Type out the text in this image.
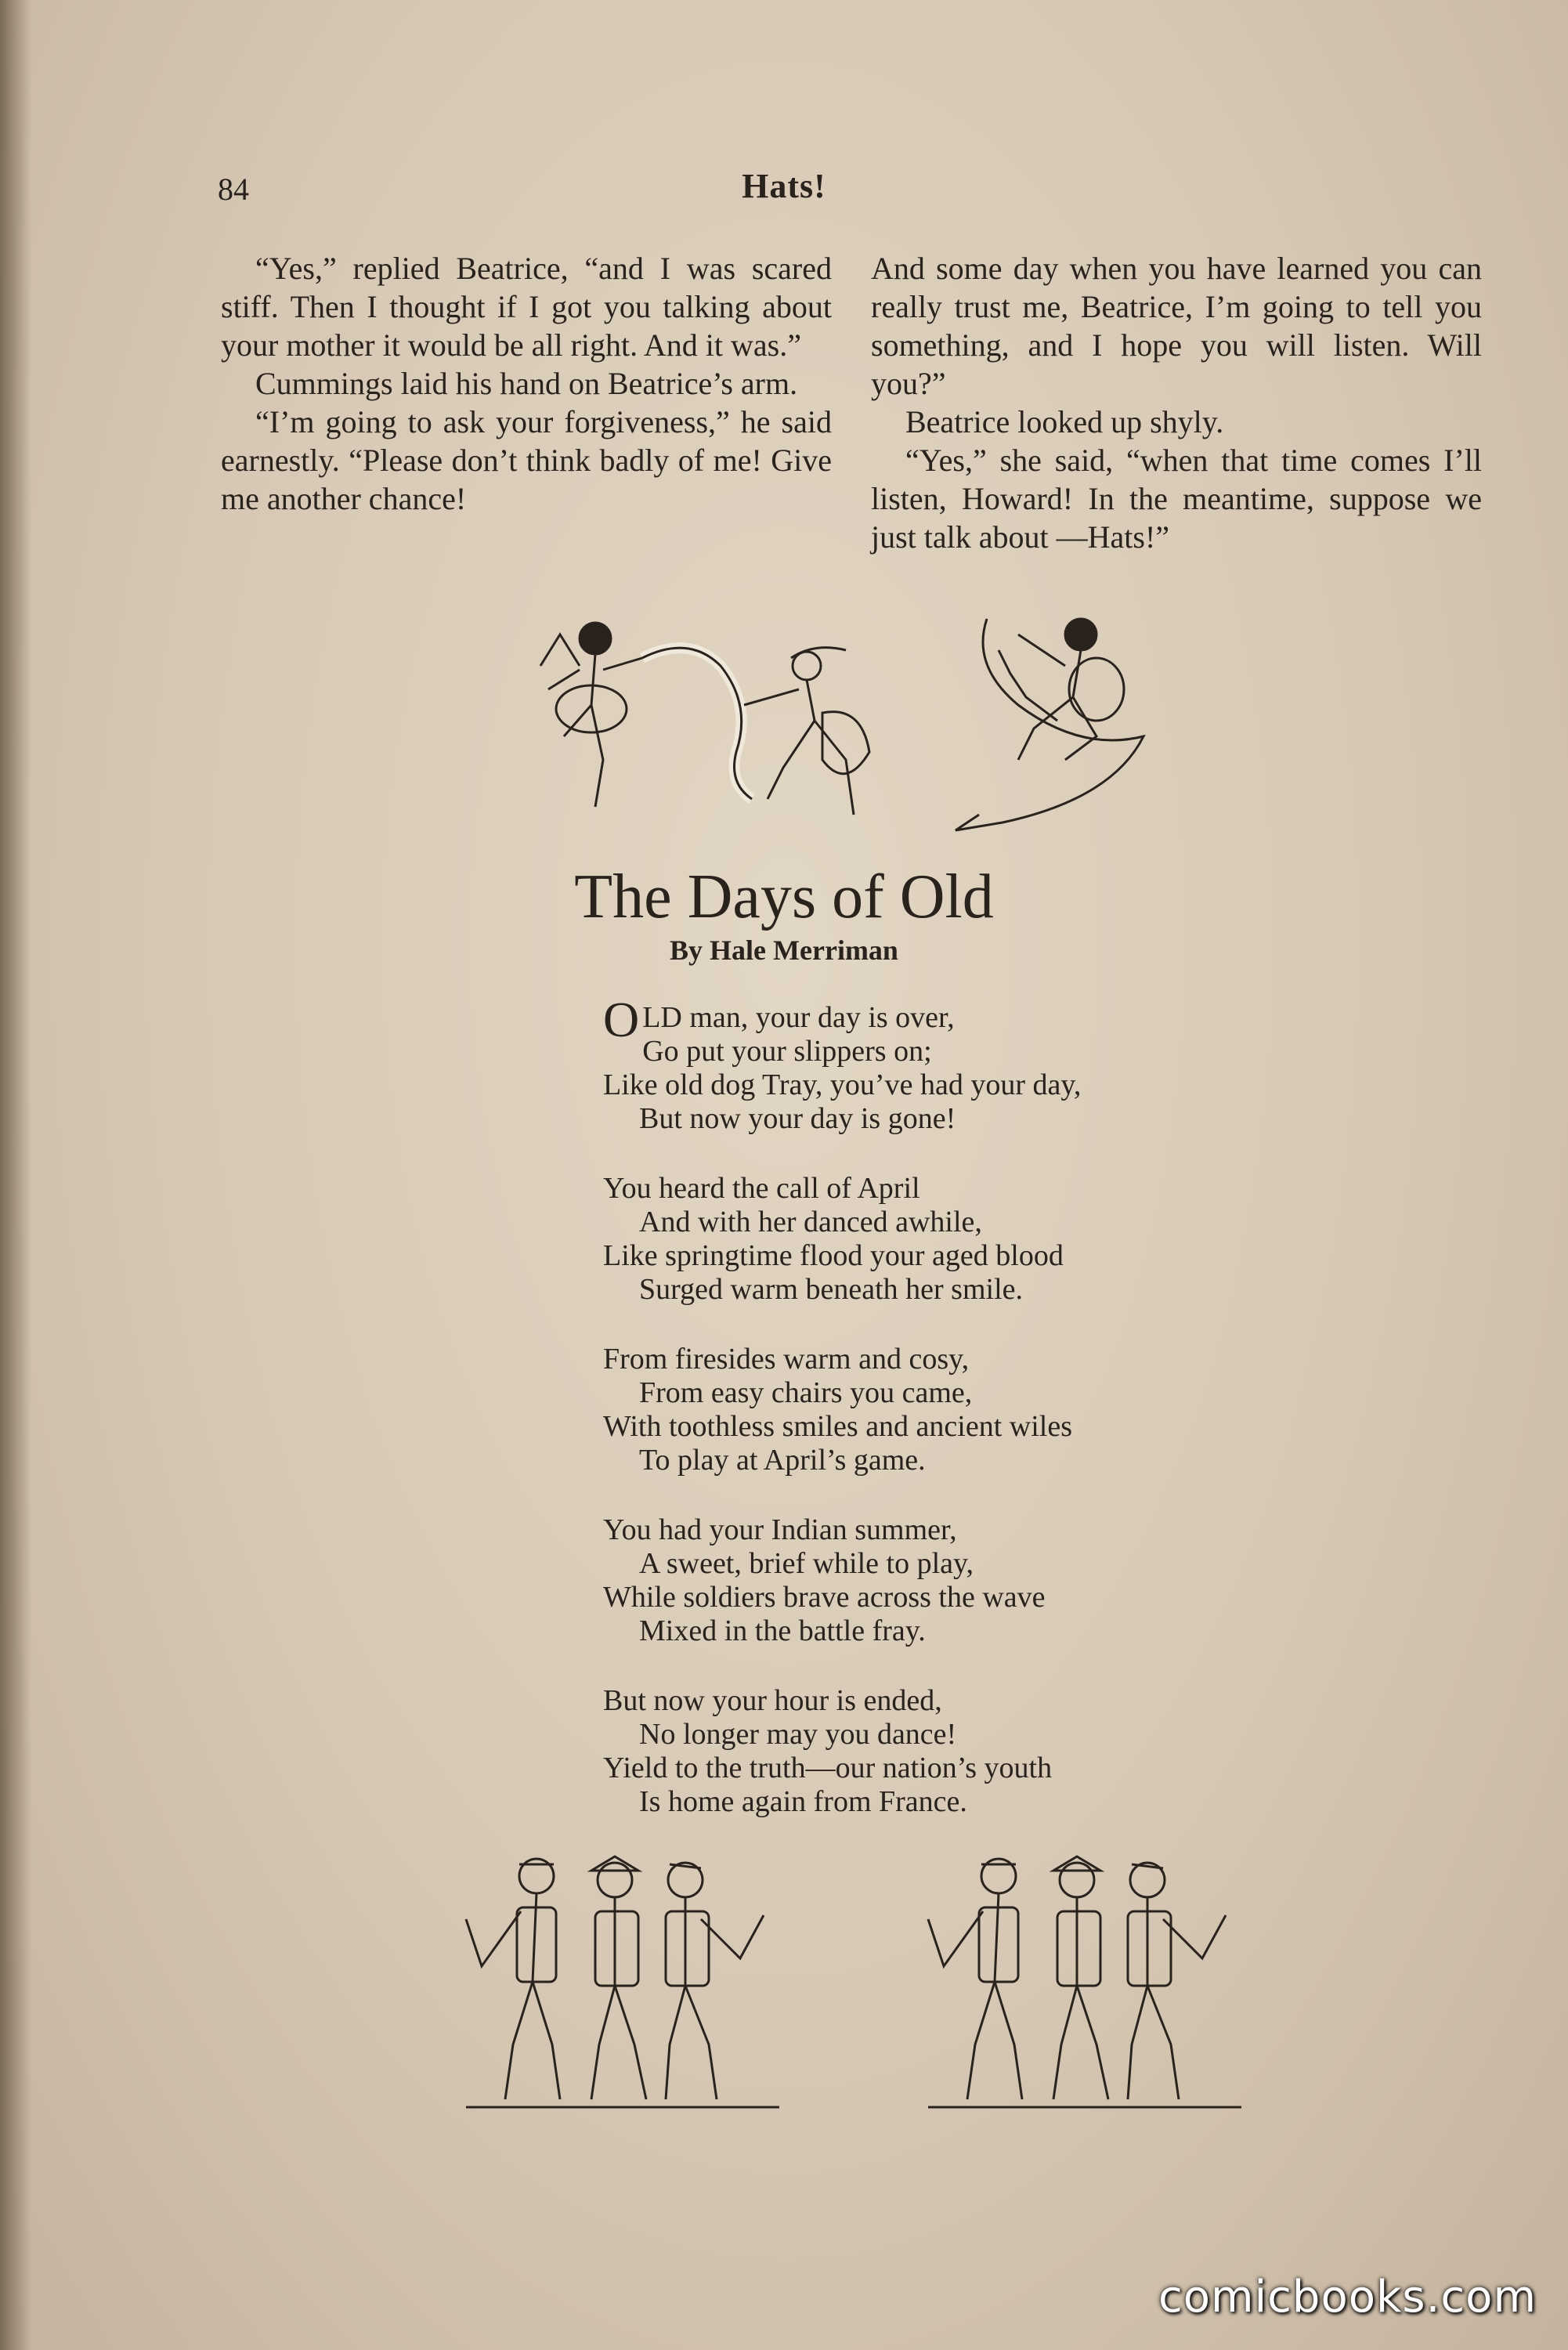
84	Hats!

“Yes,” replied Beatrice, “and I was scared stiff. Then I thought if I got you talking about your mother it would be all right. And it was.”

Cummings laid his hand on Beatrice’s arm.

“I’m going to ask your forgiveness,” he said earnestly. “Please don’t think badly of me! Give me another chance!

And some day when you have learned you can really trust me, Beatrice, I’m going to tell you something, and I hope you will listen. Will you?”

Beatrice looked up shyly.

“Yes,” she said, “when that time comes I’ll listen, Howard! In the meantime, suppose we just talk about —Hats!”

The Days of Old
By Hale Merriman
O LD man, your day is over,
Go put your slippers on;
Like old dog Tray, you’ve had your day,
But now your day is gone!
You heard the call of April
And with her danced awhile,
Like springtime flood your aged blood
Surged warm beneath her smile.
From firesides warm and cosy,
From easy chairs you came,
With toothless smiles and ancient wiles
To play at April’s game.
You had your Indian summer,
A sweet, brief while to play,
While soldiers brave across the wave
Mixed in the battle fray.
But now your hour is ended,
No longer may you dance!
Yield to the truth—our nation’s youth
Is home again from France.
comicbooks.com
